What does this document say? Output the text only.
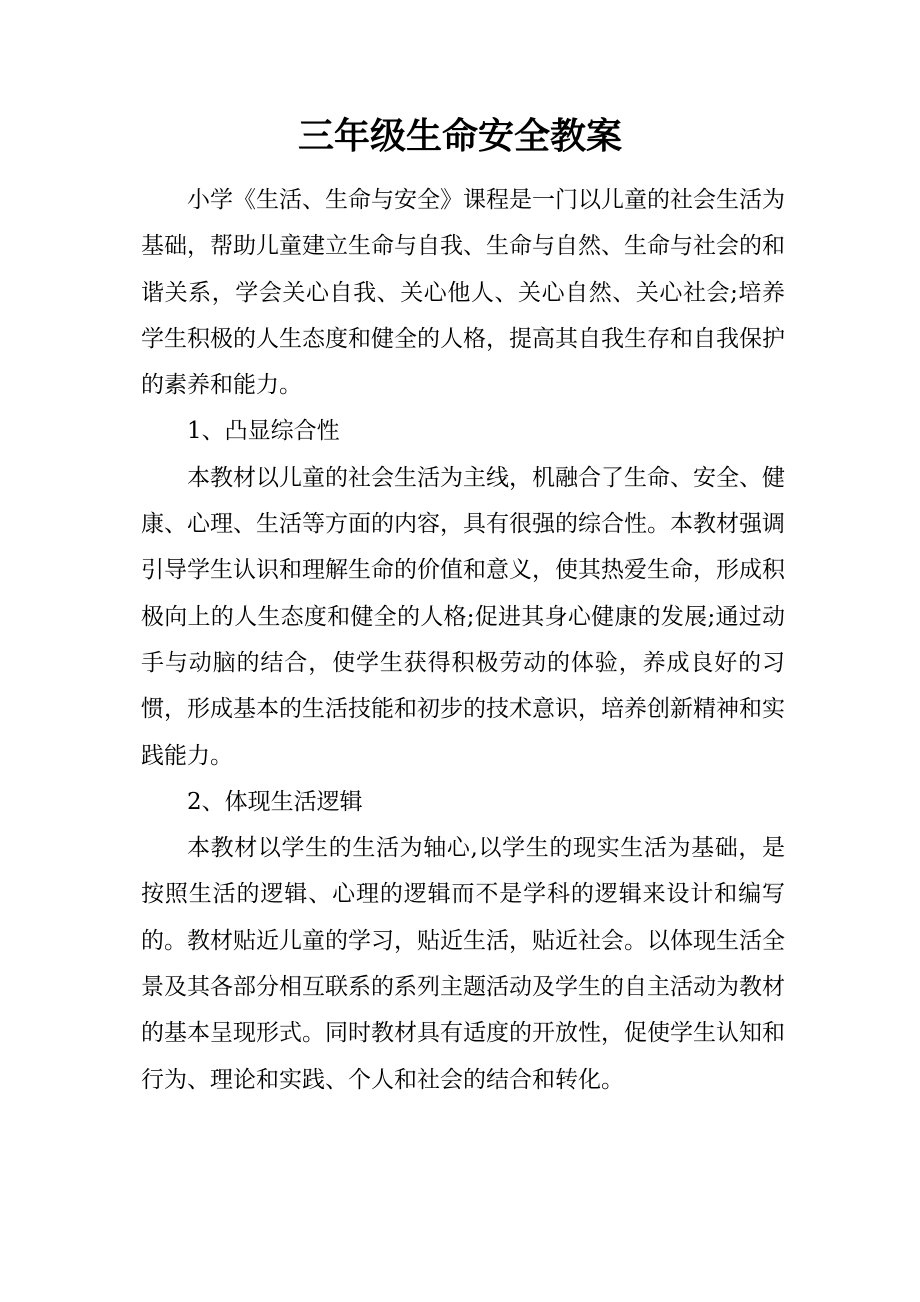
三年级生命安全教案

小学《生活、生命与安全》课程是一门以儿童的社会生活为基础，帮助儿童建立生命与自我、生命与自然、生命与社会的和谐关系，学会关心自我、关心他人、关心自然、关心社会;培养学生积极的人生态度和健全的人格，提高其自我生存和自我保护的素养和能力。

1、凸显综合性

本教材以儿童的社会生活为主线，机融合了生命、安全、健康、心理、生活等方面的内容，具有很强的综合性。本教材强调引导学生认识和理解生命的价值和意义，使其热爱生命，形成积极向上的人生态度和健全的人格;促进其身心健康的发展;通过动手与动脑的结合，使学生获得积极劳动的体验，养成良好的习惯，形成基本的生活技能和初步的技术意识，培养创新精神和实践能力。

2、体现生活逻辑

本教材以学生的生活为轴心,以学生的现实生活为基础，是按照生活的逻辑、心理的逻辑而不是学科的逻辑来设计和编写的。教材贴近儿童的学习，贴近生活，贴近社会。以体现生活全景及其各部分相互联系的系列主题活动及学生的自主活动为教材的基本呈现形式。同时教材具有适度的开放性，促使学生认知和行为、理论和实践、个人和社会的结合和转化。
